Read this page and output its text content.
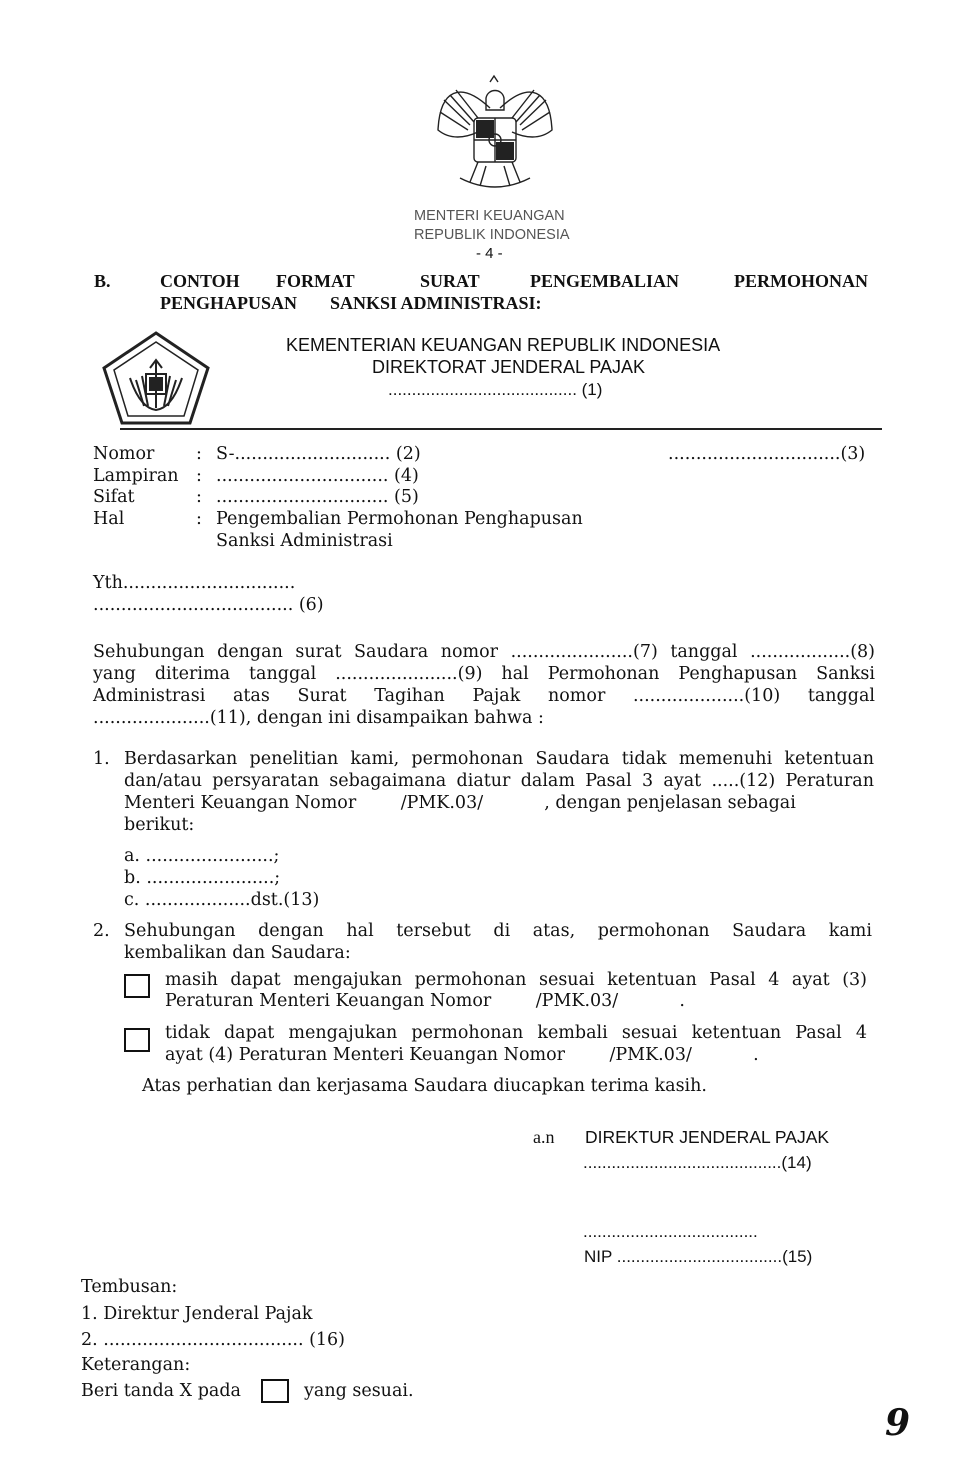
MENTERI KEUANGAN
REPUBLIK INDONESIA
- 4 -
B.	CONTOH FORMAT	SURAT	PENGEMBALIAN	PERMOHONAN
PENGHAPUSAN SANKSI ADMINISTRASI:
KEMENTERIAN KEUANGAN REPUBLIK INDONESIA
DIREKTORAT JENDERAL PAJAK
........................................ (1)
Nomor : S-............................ (2)	...............................(3)
Lampiran : ............................... (4)
Sifat	: ............................... (5)
Hal	: Pengembalian Permohonan Penghapusan
Sanksi Administrasi
Yth...............................
.................................... (6)
Sehubungan dengan surat Saudara nomor ......................(7) tanggal ..................(8)
yang diterima tanggal ......................(9) hal Permohonan Penghapusan Sanksi
Administrasi atas Surat Tagihan Pajak nomor ....................(10) tanggal
.....................(11), dengan ini disampaikan bahwa :
1. Berdasarkan penelitian kami, permohonan Saudara tidak memenuhi ketentuan
dan/atau persyaratan sebagaimana diatur dalam Pasal 3 ayat .....(12) Peraturan
Menteri Keuangan Nomor        /PMK.03/           , dengan penjelasan sebagai
berikut:
a. .......................;
b. .......................;
c. ...................dst.(13)
2. Sehubungan dengan hal tersebut di atas, permohonan Saudara kami
kembalikan dan Saudara:
masih dapat mengajukan permohonan sesuai ketentuan Pasal 4 ayat (3)
Peraturan Menteri Keuangan Nomor        /PMK.03/           .
tidak dapat mengajukan permohonan kembali sesuai ketentuan Pasal 4
ayat (4) Peraturan Menteri Keuangan Nomor        /PMK.03/           .
Atas perhatian dan kerjasama Saudara diucapkan terima kasih.
a.n DIREKTUR JENDERAL PAJAK
..........................................(14)
.....................................
NIP ...................................(15)
Tembusan:
1. Direktur Jenderal Pajak
2. .................................... (16)
Keterangan:
Beri tanda X pada	yang sesuai.
9
